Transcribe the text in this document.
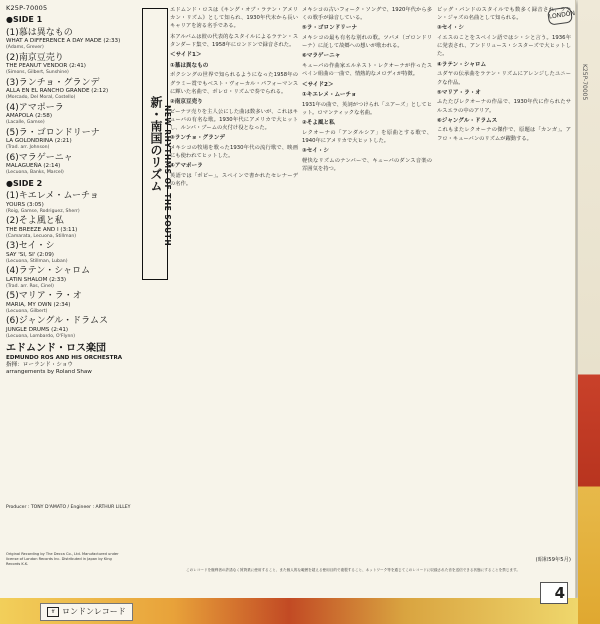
K25P-70005
●SIDE 1
(1)慕は異なもの
WHAT A DIFFERENCE A DAY MADE (2:33)
(Adams, Grever)
(2)南京豆売り
THE PEANUT VENDOR (2:41)
(Simons, Gilbert, Sunshine)
(3)ランチョ・グランデ
ALLA EN EL RANCHO GRANDE (2:12)
(Morcado, Del Moral, Costello)
(4)アマポーラ
AMAPOLA (2:58)
(Lacalle, Gamse)
(5)ラ・ゴロンドリーナ
LA GOLONDRINA (2:21)
(Trad. arr. Johnson)
(6)マラゲーニャ
MALAGUEÑA (2:14)
(Lecuona, Banks, Marcel)
●SIDE 2
(1)キエレメ・ムーチョ
YOURS (3:05)
(Roig, Gamse, Rodriguez, Sherr)
(2)そよ風と私
THE BREEZE AND I (3:11)
(Camarata, Lecuona, Stillman)
(3)セイ・シ
SAY 'SI, SI' (2:09)
(Lecuona, Stillman, Luban)
(4)ラテン・シャロム
LATIN SHALOM (2:33)
(Trad. arr. Ros, Cinel)
(5)マリア・ラ・オ
MARIA, MY OWN (2:34)
(Lecuona, Gilbert)
(6)ジャングル・ドラムス
JUNGLE DRUMS (2:41)
(Lecuona, Lombardo, O'Flynn)
エドムンド・ロス楽団
EDMUNDO ROS AND HIS ORCHESTRA
指揮：ローランド・ショウ
arrangements by Roland Shaw
Producer : TONY D'AMATO / Engineer : ARTHUR LILLEY
Original Recording by The Decca Co., Ltd. Manufactured under license of London Records Inc. Distributed in Japan by King Records K.K.
新・南国のリズム NEW RHYTHMS OF THE SOUTH

エドムンド・ロスは《キング・オブ・ラテン・アメリカン・リズム》として知られ、1930年代末から長いキャリアを誇る名手である。

本アルバムは彼の代表的なスタイルによるラテン・スタンダード集で、1958年にロンドンで録音された。

＜サイド1＞

①慕は異なもの

ボクシングの世界で知られるようになった1958年のグラミー賞でもベスト・ヴォーカル・パフォーマンスに輝いた名曲で、ボレロ・リズムで奏でられる。

②南京豆売り

ピーナツ売りを主人公にした曲は数多いが、これはキューバの有名な歌。1930年代にアメリカで大ヒットし、ルンバ・ブームの火付け役となった。

③ランチョ・グランデ

メキシコの牧場を歌った1930年代の流行歌で、映画にも使われてヒットした。

④アマポーラ

英語では「ポピー」。スペインで書かれたセレナーデの名作。

メキシコの古いフォーク・ソングで、1920年代から多くの歌手が録音している。

⑤ラ・ゴロンドリーナ

メキシコの最も有名な別れの歌。ツバメ（ゴロンドリーナ）に託して故郷への想いが歌われる。

⑥マラゲーニャ

キューバの作曲家エルネスト・レクオーナが作ったスペイン組曲の一曲で、情熱的なメロディが特徴。

＜サイド2＞

①キエレメ・ムーチョ

1931年の曲で、英詞がつけられ「ユアーズ」としてヒット。ロマンティックな名曲。

②そよ風と私

レクオーナの「アンダルシア」を原曲とする歌で、1940年にアメリカで大ヒットした。

③セイ・シ

軽快なリズムのナンバーで、キューバのダンス音楽の雰囲気を持つ。

ビッグ・バンドのスタイルでも数多く録音され、ラテン・ジャズの名曲として知られる。

③セイ・シ

イエスのことをスペイン語ではシ・シと言う。1936年に発表され、アンドリュース・シスターズで大ヒットした。

④ラテン・シャロム

ユダヤの伝承曲をラテン・リズムにアレンジしたユニークな作品。

⑤マリア・ラ・オ

ふたたびレクオーナの作品で、1930年代に作られたサルスエラの中のアリア。

⑥ジャングル・ドラムス

これもまたレクオーナの傑作で、原題は「カンガ」。アフロ・キューバンのリズムが躍動する。

(昭和59年5月)
このレコードを権利者の許諾なく賃貸業に使用すること、また個人的な範囲を超える使用目的で複製すること、ネットワーク等を通じてこのレコードに収録された音を送信できる状態にすることを禁じます。
LONDON
K25P-70005
ff ロンドンレコード
4
